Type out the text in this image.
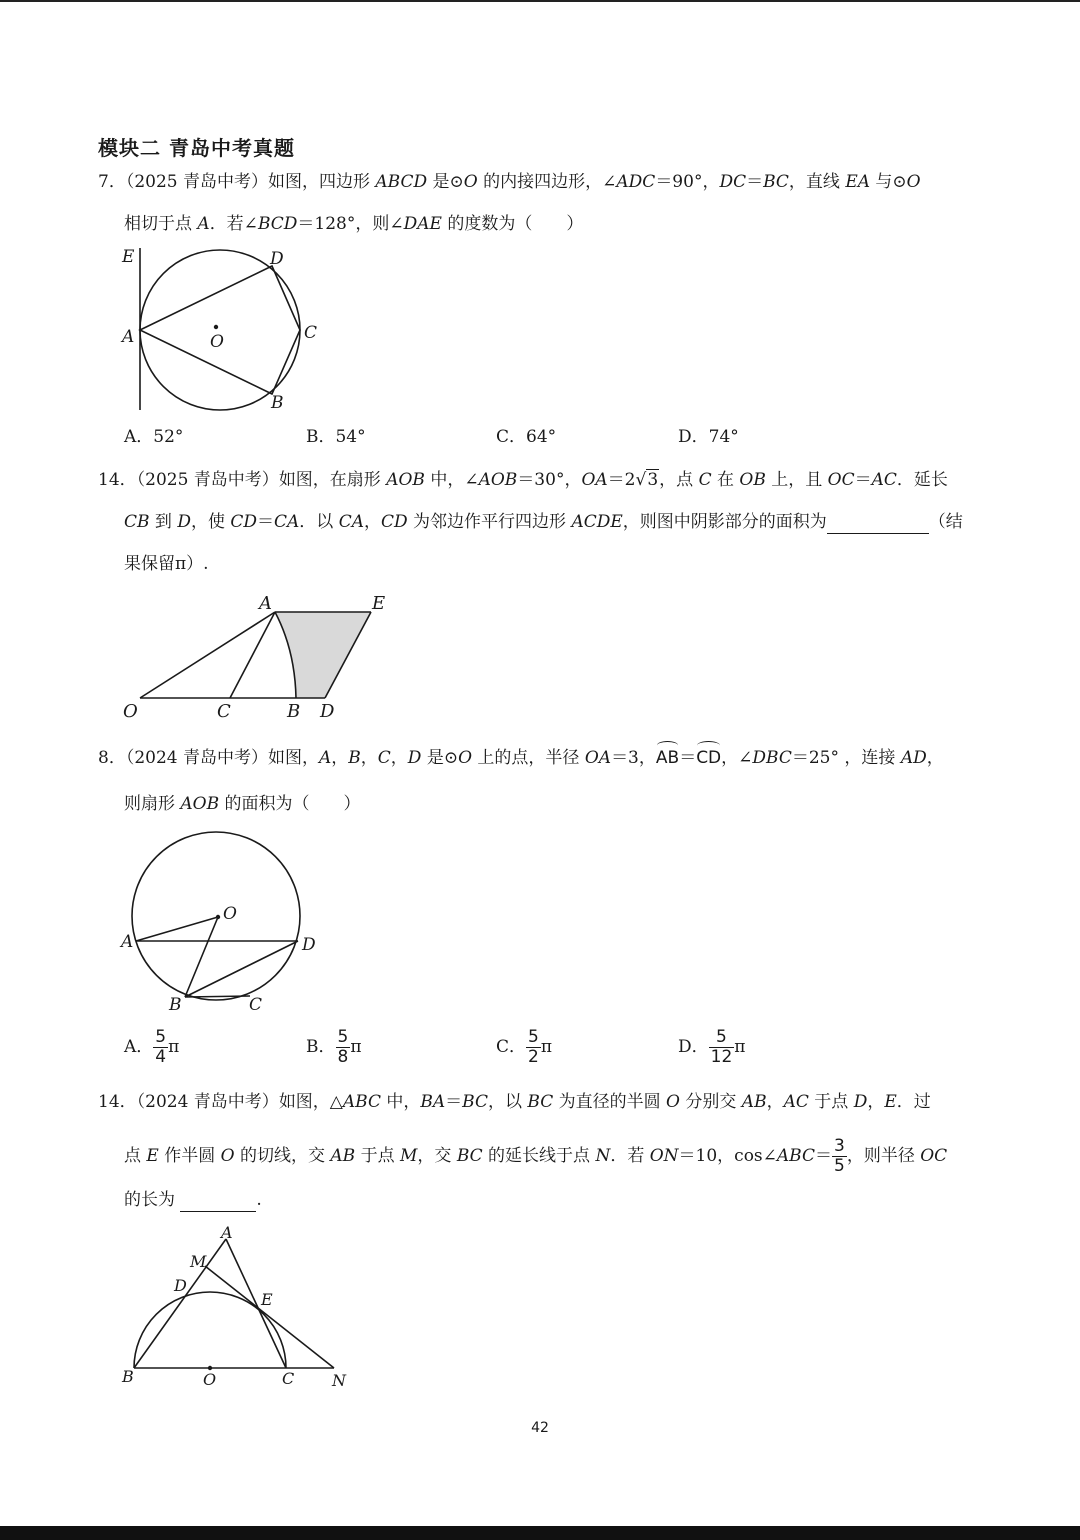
模块二 青岛中考真题
7．（2025 青岛中考）如图，四边形 ABCD 是⊙O 的内接四边形，∠ADC＝90°，DC＝BC，直线 EA 与⊙O
相切于点 A．若∠BCD＝128°，则∠DAE 的度数为（　　）
E	D
A	O	C
B
A．52°	B．54°	C．64°	D．74°
14．（2025 青岛中考）如图，在扇形 AOB 中，∠AOB＝30°，OA＝2√3，点 C 在 OB 上，且 OC＝AC．延长
CB 到 D，使 CD＝CA．以 CA，CD 为邻边作平行四边形 ACDE，则图中阴影部分的面积为	（结
果保留π）.
A	E
O	C	B D
8．（2024 青岛中考）如图，A，B，C，D 是⊙O 上的点，半径 OA＝3，AB＝CD，∠DBC＝25° ，连接 AD，
则扇形 AOB 的面积为（　　）
O
A	D
B	C
A． $\frac{5}{4}$ π	B． $\frac{5}{8}$ π	C． $\frac{5}{2}$ π	D． $\frac{5}{12}$ π
14．（2024 青岛中考）如图，△ABC 中，BA＝BC，以 BC 为直径的半圆 O 分别交 AB，AC 于点 D，E．过
点 E 作半圆 O 的切线，交 AB 于点 M，交 BC 的延长线于点 N．若 ON＝10，cos∠ABC＝ $\frac{3}{5}$ ，则半径 OC
的长为	.
A
M
D
E
B	O	C N
42
